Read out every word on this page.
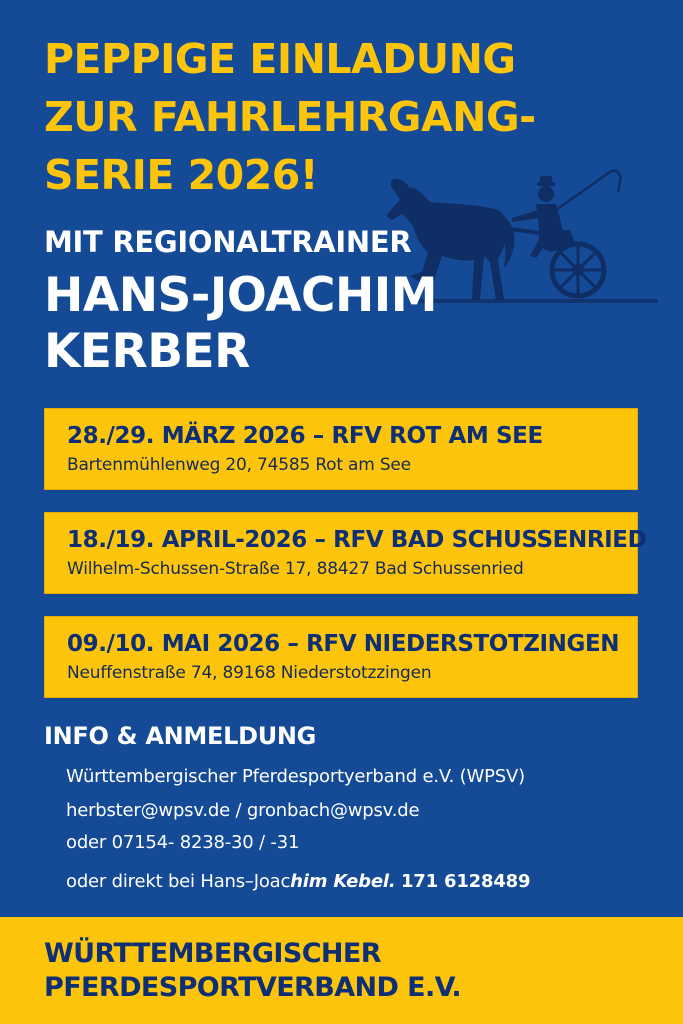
PEPPIGE EINLADUNG
ZUR FAHRLEHRGANG-
SERIE 2026!
MIT REGIONALTRAINER
HANS-JOACHIM
KERBER
28./29. MÄRZ 2026 – RFV ROT AM SEE
Bartenmühlenweg 20, 74585 Rot am See
18./19. APRIL-2026 – RFV BAD SCHUSSENRIED
Wilhelm-Schussen-Straße 17, 88427 Bad Schussenried
09./10. MAI 2026 – RFV NIEDERSTOTZINGEN
Neuffenstraße 74, 89168 Niederstotzzingen
INFO & ANMELDUNG
Württembergischer Pferdesportyerband e.V. (WPSV)
herbster@wpsv.de / gronbach@wpsv.de
oder 07154- 8238-30 / -31
oder direkt bei Hans–Joachim Kebel. 171 6128489
WÜRTTEMBERGISCHER PFERDESPORTVERBAND E.V.
